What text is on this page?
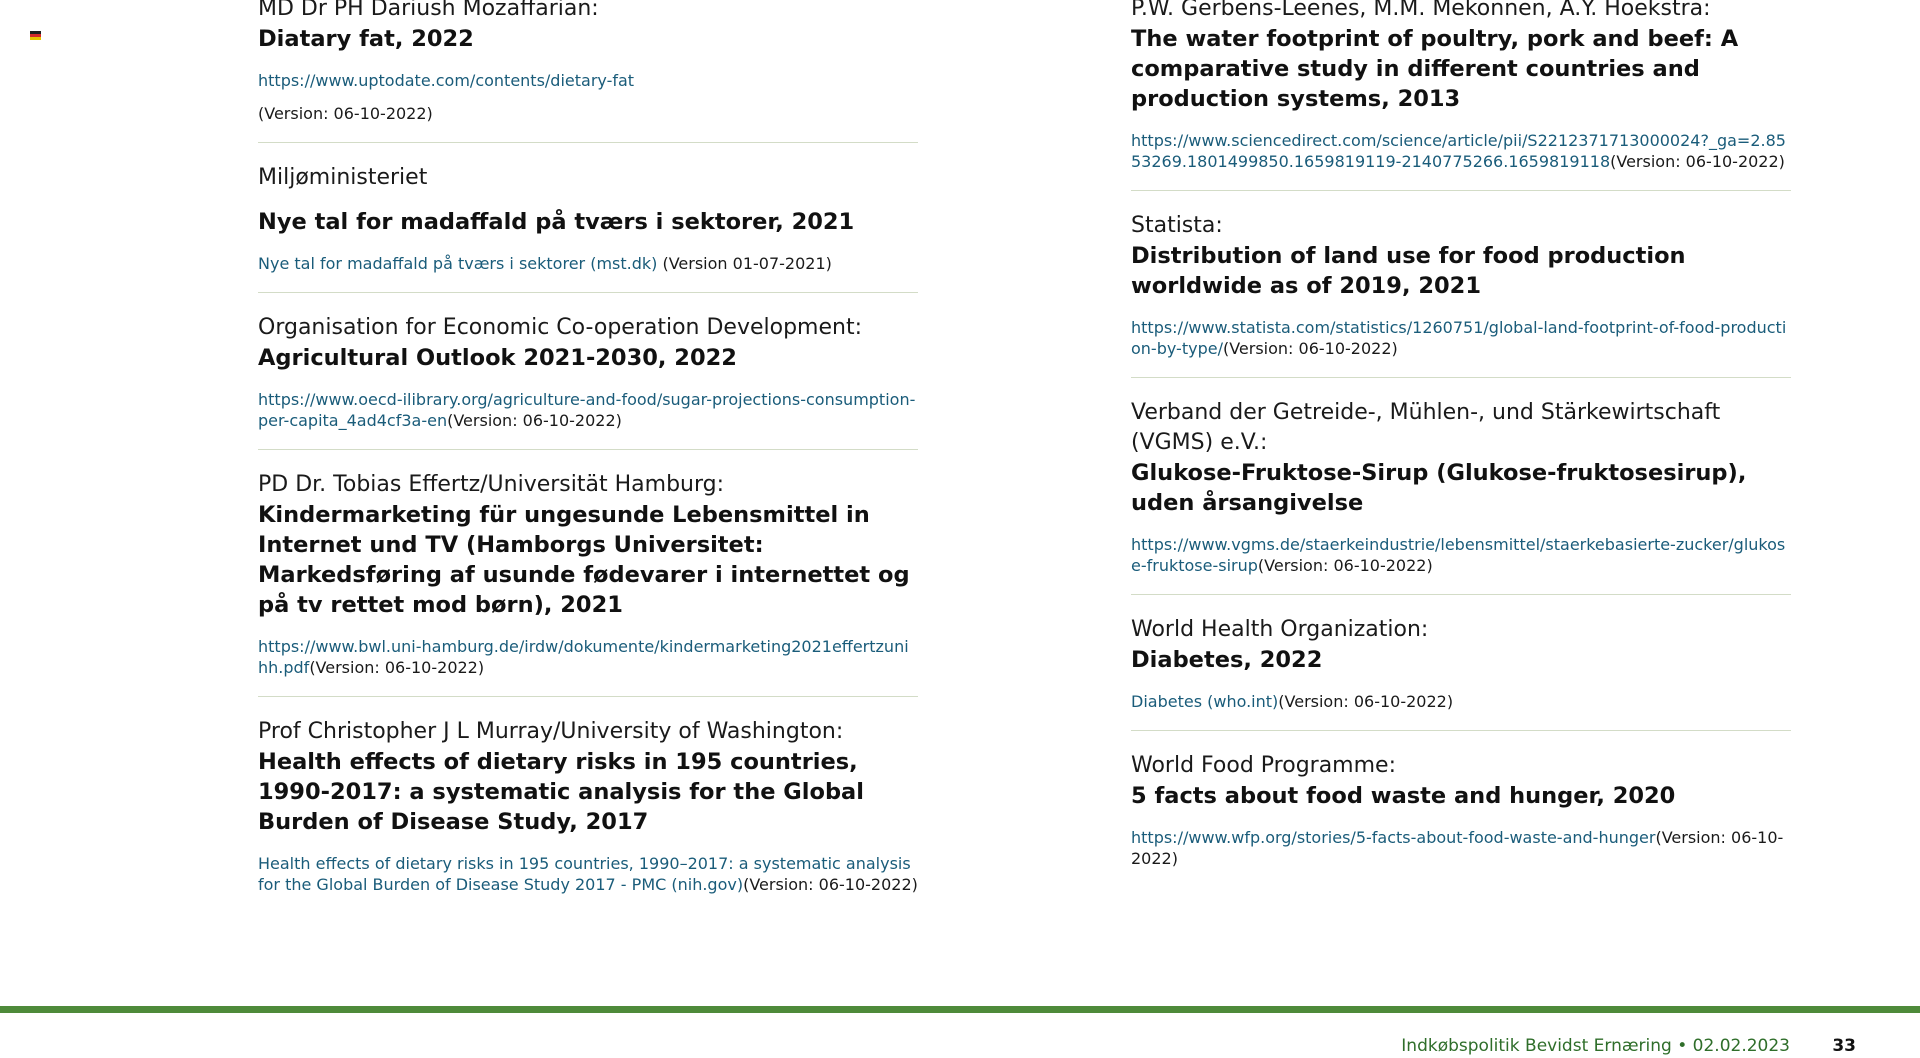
MD Dr PH Dariush Mozaffarian:
Diatary fat, 2022
https://www.uptodate.com/contents/dietary-fat
(Version: 06-10-2022)
Miljøministeriet
Nye tal for madaffald på tværs i sektorer, 2021
Nye tal for madaffald på tværs i sektorer (mst.dk) (Version 01-07-2021)
Organisation for Economic Co-operation Development:
Agricultural Outlook 2021-2030, 2022
https://www.oecd-ilibrary.org/agriculture-and-food/sugar-projections-consumption-per-capita_4ad4cf3a-en(Version: 06-10-2022)
PD Dr. Tobias Effertz/Universität Hamburg:
Kindermarketing für ungesunde Lebensmittel in Internet und TV (Hamborgs Universitet: Markedsføring af usunde fødevarer i internettet og på tv rettet mod børn), 2021
https://www.bwl.uni-hamburg.de/irdw/dokumente/kindermarketing2021effertzunihh.pdf(Version: 06-10-2022)
Prof Christopher J L Murray/University of Washington:
Health effects of dietary risks in 195 countries, 1990-2017: a systematic analysis for the Global Burden of Disease Study, 2017
Health effects of dietary risks in 195 countries, 1990–2017: a systematic analysis for the Global Burden of Disease Study 2017 - PMC (nih.gov)(Version: 06-10-2022)
P.W. Gerbens-Leenes, M.M. Mekonnen, A.Y. Hoekstra:
The water footprint of poultry, pork and beef: A comparative study in different countries and production systems, 2013
https://www.sciencedirect.com/science/article/pii/S2212371713000024?_ga=2.8553269.1801499850.1659819119-2140775266.1659819118(Version: 06-10-2022)
Statista:
Distribution of land use for food production worldwide as of 2019, 2021
https://www.statista.com/statistics/1260751/global-land-footprint-of-food-production-by-type/(Version: 06-10-2022)
Verband der Getreide-, Mühlen-, und Stärkewirtschaft (VGMS) e.V.:
Glukose-Fruktose-Sirup (Glukose-fruktosesirup), uden årsangivelse
https://www.vgms.de/staerkeindustrie/lebensmittel/staerkebasierte-zucker/glukose-fruktose-sirup(Version: 06-10-2022)
World Health Organization:
Diabetes, 2022
Diabetes (who.int)(Version: 06-10-2022)
World Food Programme:
5 facts about food waste and hunger, 2020
https://www.wfp.org/stories/5-facts-about-food-waste-and-hunger(Version: 06-10-2022)
Indkøbspolitik Bevidst Ernæring • 02.02.2023 33
